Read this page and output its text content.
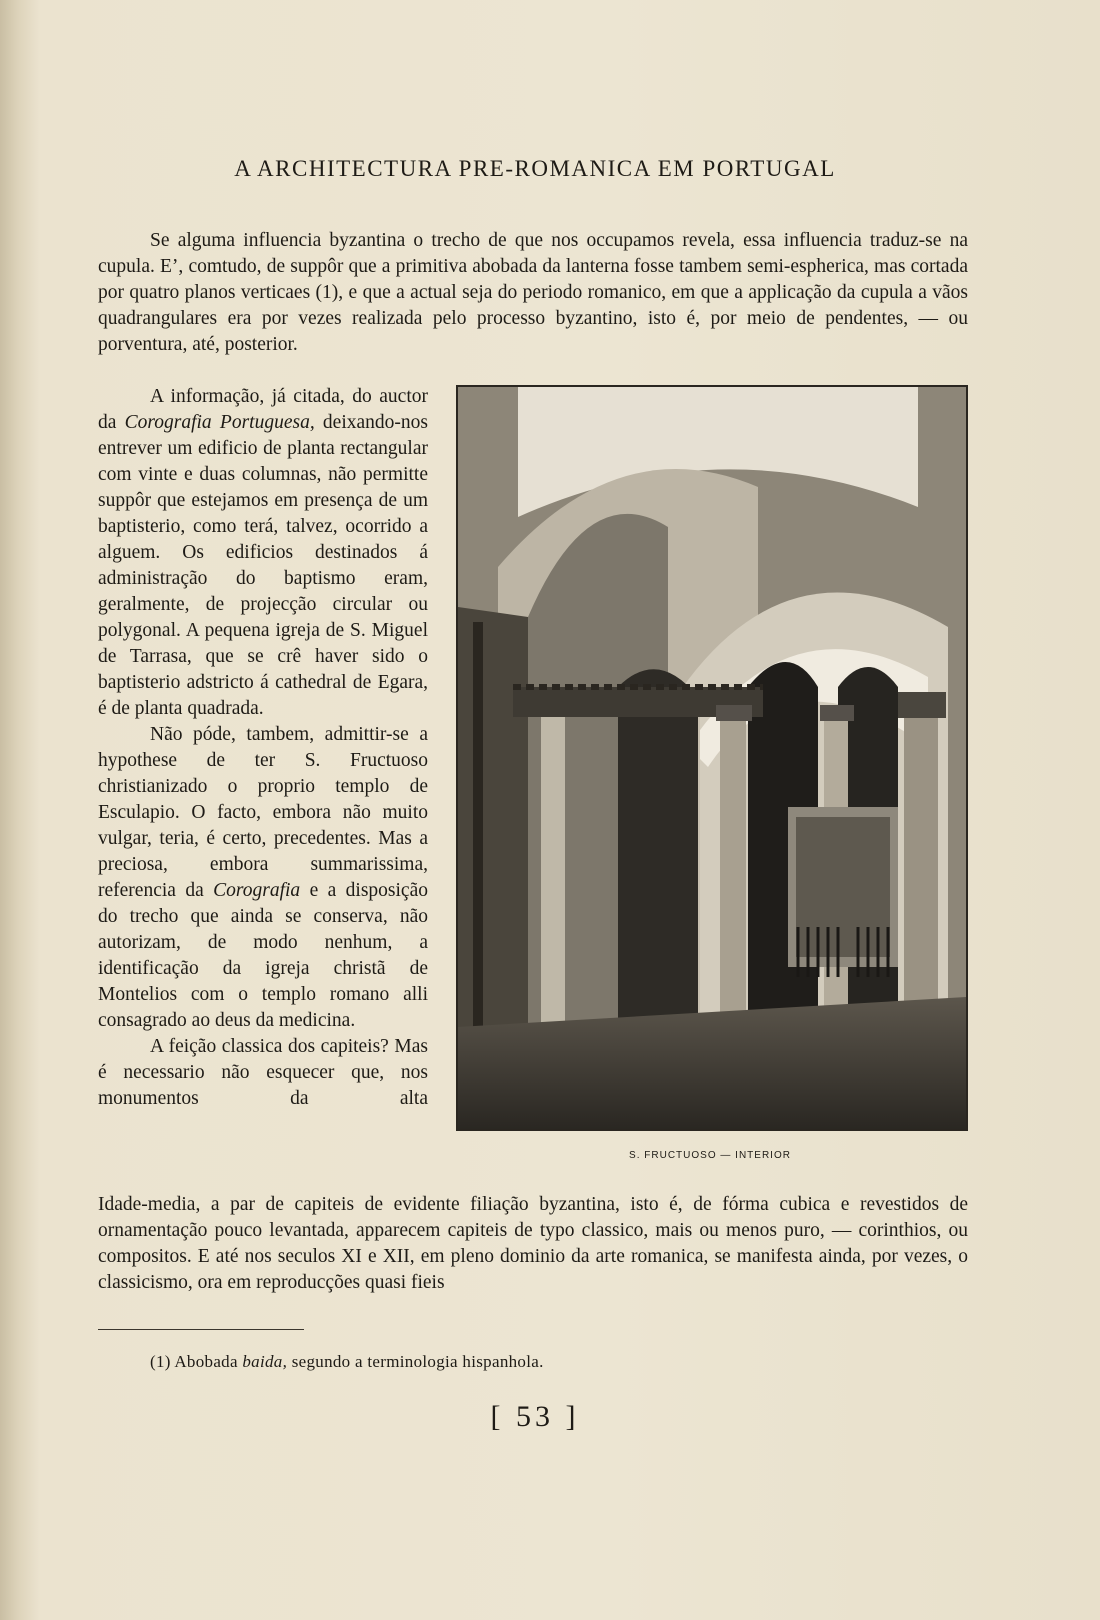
A ARCHITECTURA PRE-ROMANICA EM PORTUGAL

Se alguma influencia byzantina o trecho de que nos occupamos revela, essa influencia traduz-se na cupula. E’, comtudo, de suppôr que a primitiva abobada da lanterna fosse tambem semi-espherica, mas cortada por quatro planos verticaes (1), e que a actual seja do periodo romanico, em que a applicação da cupula a vãos quadrangulares era por vezes realizada pelo processo byzantino, isto é, por meio de pendentes, — ou porventura, até, posterior.

A informação, já citada, do auctor da Corografia Portuguesa, deixando-nos entrever um edificio de planta rectangular com vinte e duas columnas, não permitte suppôr que estejamos em presença de um baptisterio, como terá, talvez, ocorrido a alguem. Os edificios destinados á administração do baptismo eram, geralmente, de projecção circular ou polygonal. A pequena igreja de S. Miguel de Tarrasa, que se crê haver sido o baptisterio adstricto á cathedral de Egara, é de planta quadrada.

Não póde, tambem, admittir-se a hypothese de ter S. Fructuoso christianizado o proprio templo de Esculapio. O facto, embora não muito vulgar, teria, é certo, precedentes. Mas a preciosa, embora summarissima, referencia da Corografia e a disposição do trecho que ainda se conserva, não autorizam, de modo nenhum, a identificação da igreja christã de Montelios com o templo romano alli consagrado ao deus da medicina.

A feição classica dos capiteis? Mas é necessario não esquecer que, nos monumentos da alta

S. FRUCTUOSO — INTERIOR

Idade-media, a par de capiteis de evidente filiação byzantina, isto é, de fórma cubica e revestidos de ornamentação pouco levantada, apparecem capiteis de typo classico, mais ou menos puro, — corinthios, ou compositos. E até nos seculos XI e XII, em pleno dominio da arte romanica, se manifesta ainda, por vezes, o classicismo, ora em reproducções quasi fieis

(1) Abobada baida, segundo a terminologia hispanhola.
[ 53 ]
